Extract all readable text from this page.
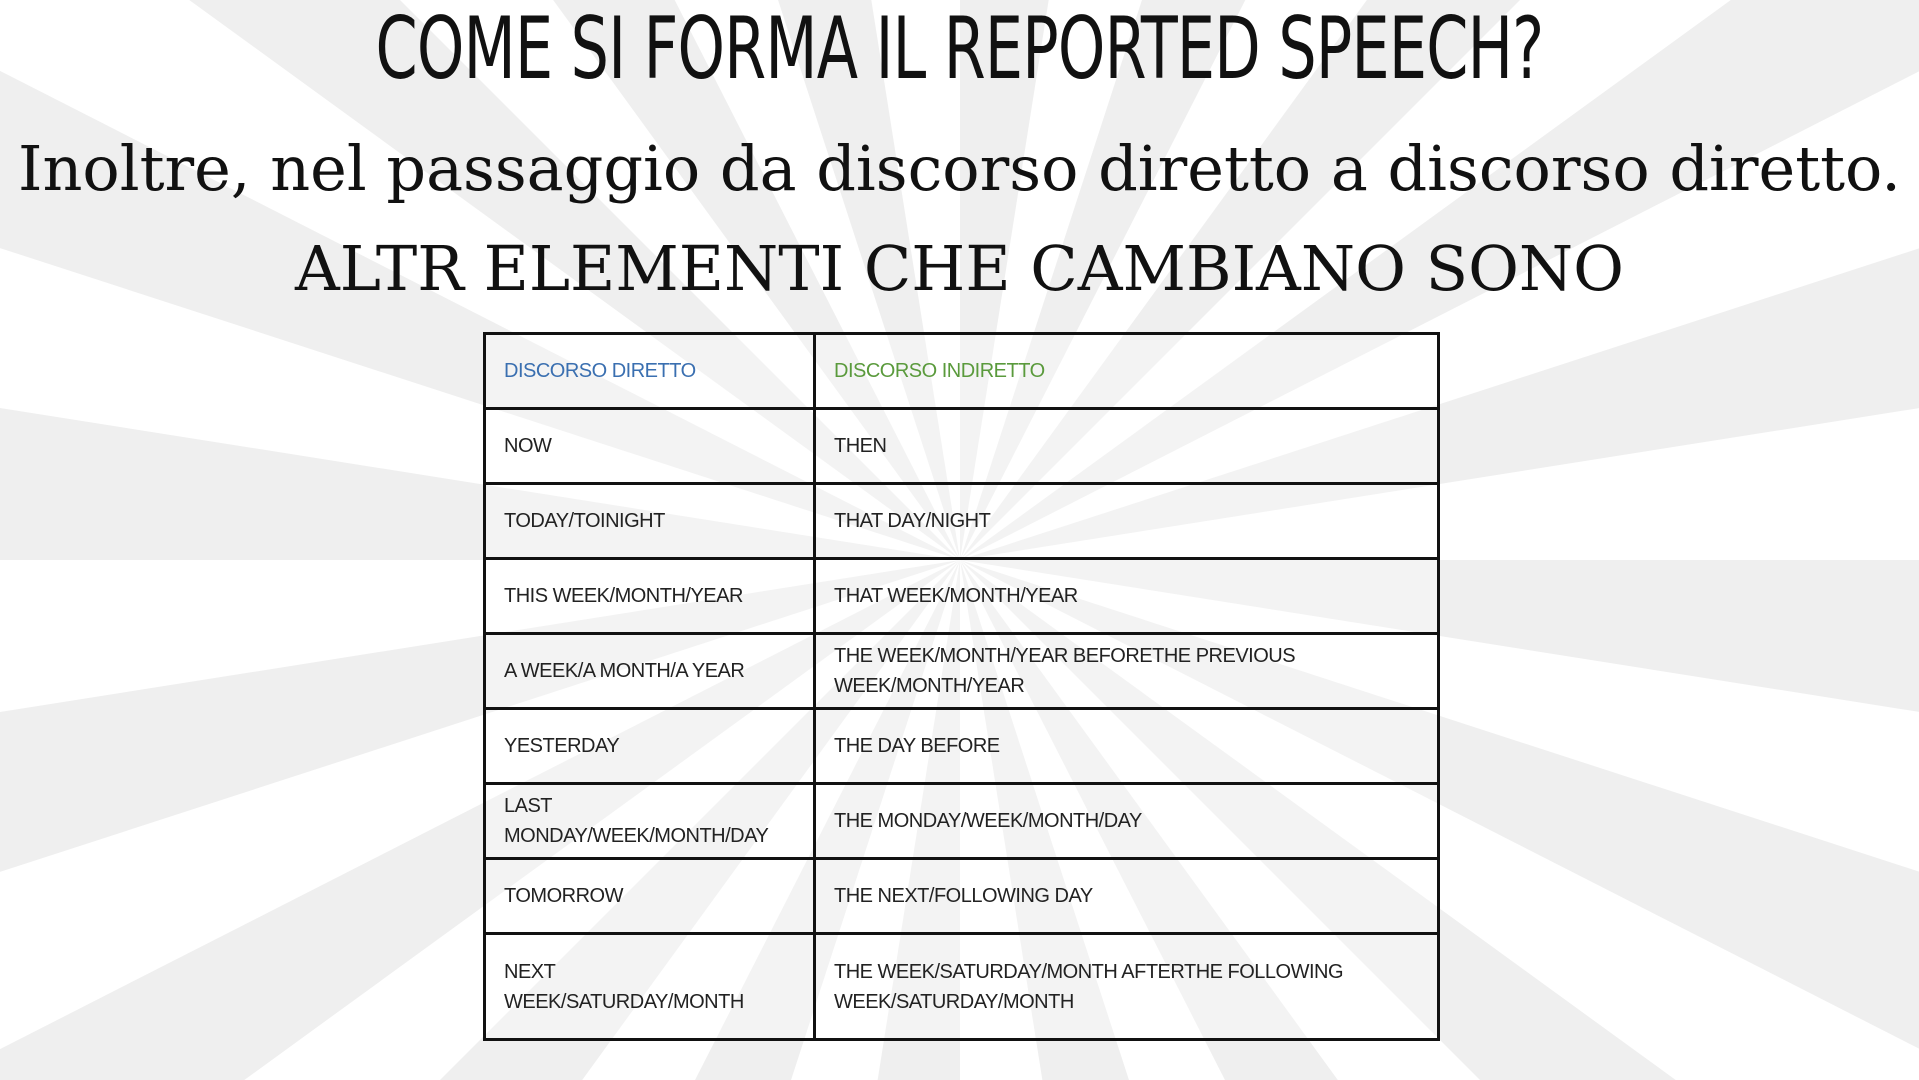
COME SI FORMA IL REPORTED SPEECH?
Inoltre, nel passaggio da discorso diretto a discorso diretto.
ALTR ELEMENTI CHE CAMBIANO SONO
DISCORSO DIRETTO	DISCORSO INDIRETTO
NOW	THEN
TODAY/TOINIGHT	THAT DAY/NIGHT
THIS WEEK/MONTH/YEAR	THAT WEEK/MONTH/YEAR
A WEEK/A MONTH/A YEAR	THE WEEK/MONTH/YEAR BEFORETHE PREVIOUS WEEK/MONTH/YEAR
YESTERDAY	THE DAY BEFORE
LAST MONDAY/WEEK/MONTH/DAY	THE MONDAY/WEEK/MONTH/DAY
TOMORROW	THE NEXT/FOLLOWING DAY
NEXT WEEK/SATURDAY/MONTH	THE WEEK/SATURDAY/MONTH AFTERTHE FOLLOWING WEEK/SATURDAY/MONTH
